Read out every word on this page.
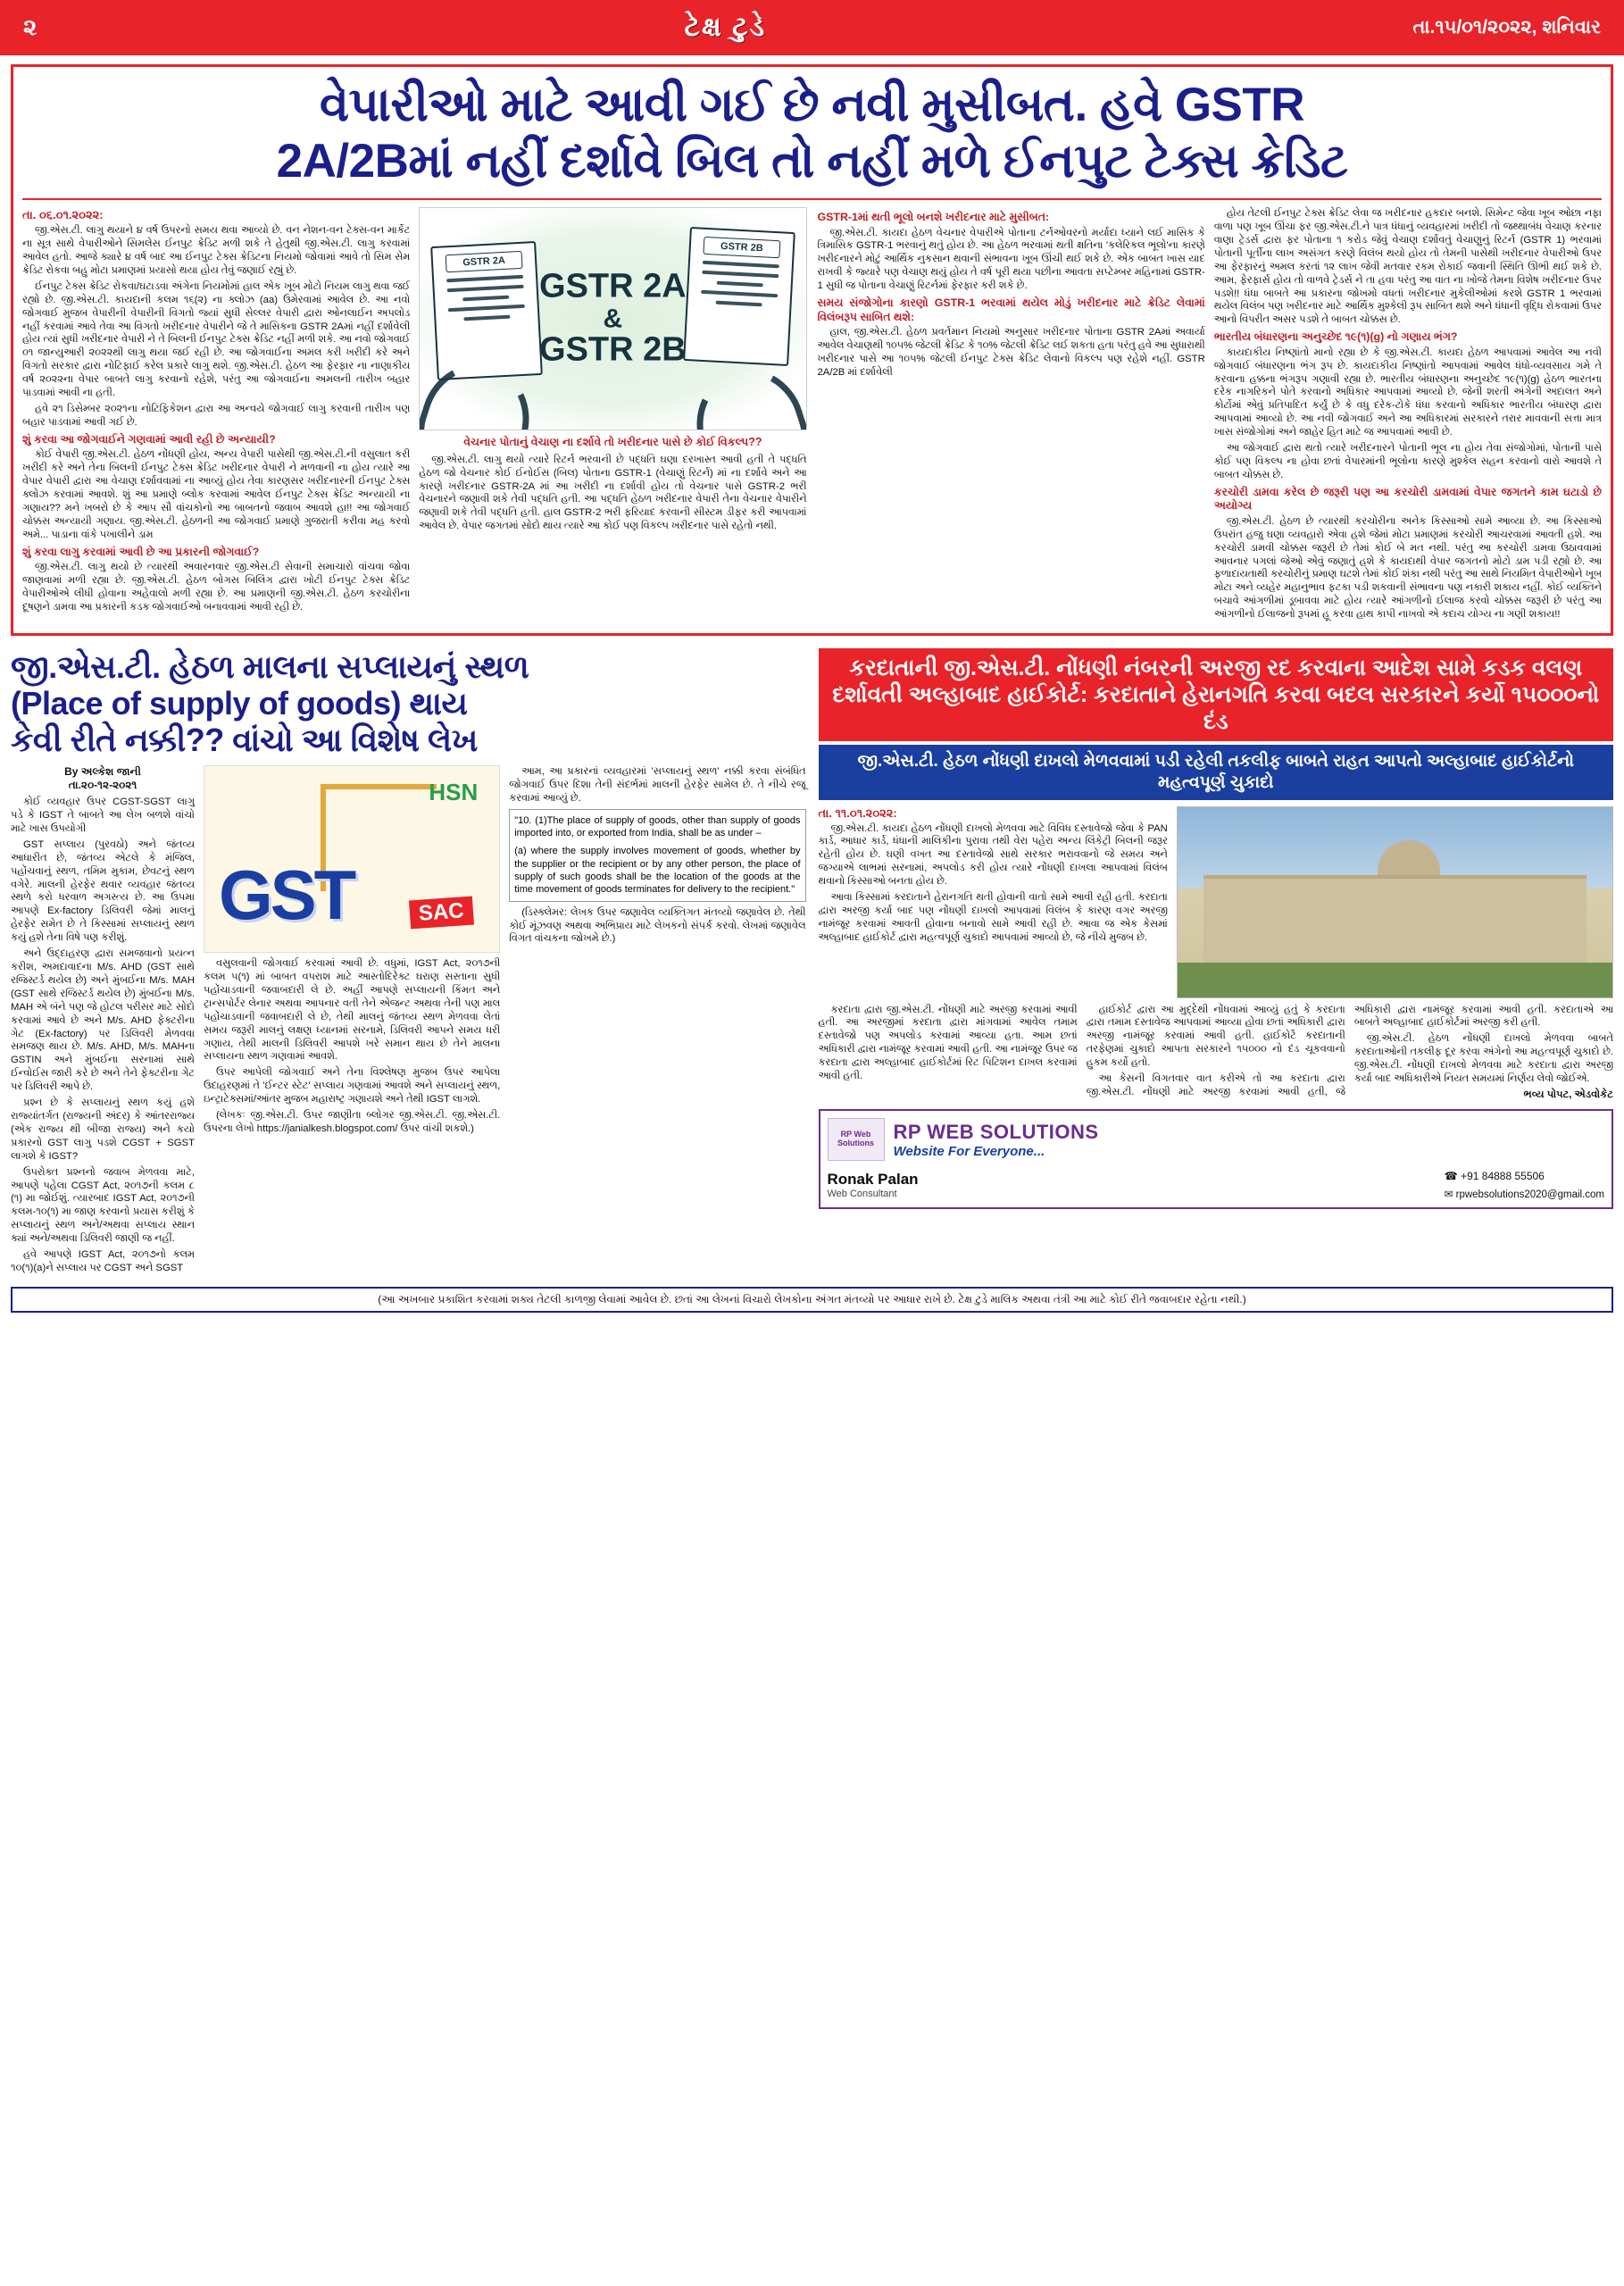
૨	ટેક્ષ ટુડે	તા.૧૫/૦૧/૨૦૨૨, શનિવાર
વેપારીઓ માટે આવી ગઈ છે નવી મુસીબત. હવે GSTR
2A/2Bમાં નહીં દર્શાવે બિલ તો નહીં મળે ઈનપુટ ટેક્સ ક્રેડિટ
તા. ૦૬.૦૧.૨૦૨૨:

જી.એસ.ટી. લાગુ થયાને ૪ વર્ષ ઉપરનો સમય થવા આવ્યો છે. વન નેશન-વન ટેક્સ-વન માર્કેટ ના સૂત્ર સાથે વેપારીઓને સિમલેસ ઈનપુટ ક્રેડિટ મળી શકે તે હેતુથી જી.એસ.ટી. લાગુ કરવામાં આવેલ હતો. આજે ક્યારે ૪ વર્ષ બાદ આ ઈનપુટ ટેક્સ ક્રેડિટના નિયમો જોવામાં આવે તો સિમ સેમ ક્રેડિટ રોકવા બહુ મોટા પ્રમાણમાં પ્રયાસો થયા હોય તેવું જણાઈ રહ્યું છે.

ઈનપુટ ટેક્સ ક્રેડિટ રોકવા/ઘટાડવા અંગેના નિયમોમાં હાલ એક ખૂબ મોટો નિયમ લાગુ થવા જઈ રહ્યો છે. જી.એસ.ટી. કાયદાની કલમ ૧૬(૨) ના ક્લોઝ (aa) ઉમેરવામાં આવેલ છે. આ નવો જોગવાઈ મુજબ વેપારીની વેપારીની વિગતો જ્યાં સુધી સેલ્લર વેપારી દ્વારા ઓનલાઈન અપલોડ નહીં કરવામાં આવે તેવા આ વિગતો ખરીદનાર વેપારીને જે તે માસિકના GSTR 2Aમાં નહીં દર્શાવેલી હોય ત્યાં સુધી ખરીદનાર વેપારી ને તે બિલની ઈનપુટ ટેક્સ ક્રેડિટ નહીં મળી શકે. આ નવો જોગવાઈ ૦૧ જાન્યુઆરી ૨૦૨૨થી લાગુ થયા જઈ રહી છે. આ જોગવાઈના અમલ કરી ખરીદી કરે અને વિગતો સરકાર દ્વારા નોટિફાઈ કરેલ પ્રકારે લાગુ થશે. જી.એસ.ટી. હેઠળ આ ફેરફાર ના નાણાકીય વર્ષ ૨૦૨૨ના વેપાર બાબતે લાગુ કરવાનો રહેશે, પરંતુ આ જોગવાઈના અમલની તારીખ બહાર પાડવામાં આવી ના હતી.

હવે ૨૧ ડિસેમ્બર ૨૦૨૧ના નોટિફિકેશન દ્વારા આ અન્વયે જોગવાઈ લાગુ કરવાની તારીખ પણ બહાર પાડવામાં આવી ગઈ છે.

શું કરવા આ જોગવાઈને ગણવામાં આવી રહી છે અન્યાયી?

કોઈ વેપારી જી.એસ.ટી. હેઠળ નોંધણી હોય, અન્ય વેપારી પાસેથી જી.એસ.ટી.ની વસુલાત કરી ખરીદી કરે અને તેના બિલની ઈનપુટ ટેક્સ ક્રેડિટ ખરીદનાર વેપારી ને મળવાની ના હોય ત્યારે આ વેપાર વેપારી દ્વારા આ વેચાણ દર્શાવવામાં ના આવ્યું હોય તેવા કારણસર ખરીદનારની ઈનપુટ ટેક્સ ક્લોઝ કરવામાં આવશે. શું આ પ્રમાણે બ્લોક કરવામાં આવેલ ઈનપુટ ટેક્સ ક્રેડિટ અન્યાયી ના ગણાય?? મને ખબરો છે કે આપ સૌ વાંચકોનો આ બાબતનો જવાબ આવશે હા!! આ જોગવાઈ ચોક્કસ અન્યાયી ગણાય. જી.એસ.ટી. હેઠળની આ જોગવાઈ પ્રમાણે ગુજરાતી કરીવા મહ કરવો અમે... પાડાના વાંકે પખાલીને ડામ

શું કરવા લાગુ કરવામાં આવી છે આ પ્રકારની જોગવાઈ?

જી.એસ.ટી. લાગુ થયો છે ત્યારથી અવારનવાર જી.એસ.ટી સેવાની સમાચારો વાંચવા જોવા જાણવામાં મળી રહ્યા છે. જી.એસ.ટી. હેઠળ બોગસ બિલિંગ દ્વારા ખોટી ઈનપુટ ટેક્સ ક્રેડિટ વેપારીઓએ લીધી હોવાના અહેવાલો મળી રહ્યા છે. આ પ્રમાણની જી.એસ.ટી. હેઠળ કરચોરીના દૂષણને ડામવા આ પ્રકારની કડક જોગવાઈઓ બનાવવામાં આવી રહી છે.

GSTR 2A
GSTR 2B
GSTR 2A
&
GSTR 2B
વેચનાર પોતાનું વેચાણ ના દર્શાવે તો ખરીદનાર પાસે છે કોઈ વિકલ્પ??

જી.એસ.ટી. લાગુ થયો ત્યારે રિટર્ન ભરવાની છે પદ્ધતિ ઘણા દરખાસ્ત આવી હતી તે પદ્ધતિ હેઠળ જો વેચનાર કોઈ ઈનોઈસ (બિલ) પોતાના GSTR-1 (વેચાણું રિટર્ન) માં ના દર્શાવે અને આ કારણે ખરીદનાર GSTR-2A માં આ ખરીદી ના દર્શાવી હોય તો વેચનાર પાસે GSTR-2 ભરી વેચનારને જણાવી શકે તેવી પદ્ધતિ હતી. આ પદ્ધતિ હેઠળ ખરીદનાર વેપારી તેના વેચનાર વેપારીને જણાવી શકે તેવી પદ્ધતિ હતી. હાલ GSTR-2 ભરી ફરિયાદ કરવાની સીસ્ટમ ડીફર કરી આપવામાં આવેલ છે. વેપાર જગતમાં સોદો થાય ત્યારે આ કોઈ પણ વિકલ્પ ખરીદનાર પાસે રહેતો નથી.

GSTR-1માં થતી ભૂલો બનશે ખરીદનાર માટે મુસીબત:

જી.એસ.ટી. કાયદા હેઠળ વેચનાર વેપારીએ પોતાના ટર્નઓવરનો મર્યાદા ધ્યાને લઈ માસિક કે ત્રિમાસિક GSTR-1 ભરવાનું થતું હોય છે. આ હેઠળ ભરવામાં થતી ક્ષતિના 'કલેરિકલ ભૂલો'ના કારણે ખરીદનારને મોટું આર્થિક નુકસાન થવાની સંભાવના ખૂબ ઊંચી થઈ શકે છે. એક બાબત ખાસ યાદ રાખવી કે જ્યારે પણ વેચાણ થયું હોય તે વર્ષ પૂરી થયા પછીના આવતા સપ્ટેમ્બર મહિનામાં GSTR-1 સુધી જ પોતાના વેચાણું રિટર્નમાં ફેરફાર કરી શકે છે.

સમય સંજોગોના કારણો GSTR-1 ભરવામાં થયેલ મોડું ખરીદનાર માટે ક્રેડિટ લેવામાં વિલંબરૂપ સાબિત થશે:

હાલ, જી.એસ.ટી. હેઠળ પ્રવર્તમાન નિયમો અનુસાર ખરીદનાર પોતાના GSTR 2Aમાં અવાર્યા આવેલ વેચાણથી ૧૦૫% જેટલી ક્રેડિટ કે ૧૦% જેટલી ક્રેડિટ લઈ શકતા હતા પરંતુ હવે આ સુધારાથી ખરીદનાર પાસે આ ૧૦૫% જેટલી ઈનપુટ ટેક્સ ક્રેડિટ લેવાનો વિકલ્પ પણ રહેશે નહીં. GSTR 2A/2B માં દર્શાવેલી

હોય તેટલી ઈનપુટ ટેક્સ ક્રેડિટ લેવા જ ખરીદનાર હકદાર બનશે. સિમેન્ટ જેવા ખૂબ ઓછા નફા વાળા પણ ખૂબ ઊંચા ફર જી.એસ.ટી.ને પાત્ર ધંધાનું વ્યવહારમાં ખરીદી તો જથ્થાબંધ વેચાણ કરનાર વાણા ટ્રેડર્સ દ્વારા ફર પોતાના ૧ કરોડ જેવું વેચાણ દર્શાવતું વેચાણુનું રિટર્ન (GSTR 1) ભરવામાં પોતાની પૂર્તીના લાખ અસંગત કરણે વિલંબ થયો હોય તો તેમની પાસેથી ખરીદનાર વેપારીઓ ઉપર આ ફેરફારનું અમલ કરતાં ૧૨ લાખ જેવી મતવાર રકમ રોકાઈ જવાની સ્થિતિ ઊભી થઈ શકે છે. આમ, ફેરફાર્સ હોય તો વાળવે ટ્રેડર્સ ને તા હવા પરંતુ આ વાત ના ખોજે તેમના વિશેષ ખરીદનાર ઉપર પડશે!! ધંધા બાબતે આ પ્રકારના જોખમો વધતાં ખરીદનાર મુકેલીઓમાં કરશે GSTR 1 ભરવામાં થયેલ વિલંબ પણ ખરીદનાર માટે આર્થિક મુશ્કેલી રૂપ સાબિત થશે અને ધંધાની વૃદ્ધિ રોકવામાં ઉપર આનો વિપરીત અસર પડશે તે બાબત ચોક્કસ છે.

ભારતીય બંધારણના અનુચ્છેદ ૧૯(૧)(g) નો ગણાય ભંગ?

કાયદાકીય નિષ્ણાંતો માનો રહ્યા છે કે જી.એસ.ટી. કાયદા હેઠળ આપવામાં આવેલ આ નવી જોગવાઈ બંધારણના ભંગ રૂપ છે. કાયદાકીય નિષ્ણાંતો આપવામાં આવેલ ધંધો-વ્યવસાય ગમે તે કરવાના હક્કના ભંગરૂપ ગણાવી રહ્યા છે. ભારતીય બંધારણના અનુચ્છેદ ૧૯(૧)(g) હેઠળ ભારતના દરેક નાગરિકને પોતે કરવાનો અધિકાર આપવામાં આવ્યો છે. જેની શરતી અંગેની અદાલત અને કોર્ટોમાં એવું પ્રતિપાદિત કર્યું છે કે વધુ દરેક-ટોકે ધંધા કરવાનો અધિકાર ભારતીય બંધારણ દ્વારા આપવામાં આવ્યો છે. આ નવી જોગવાઈ અને આ અધિકારમાં સરકારને તરાર માવવાની સત્તા માત્ર ખાસ સંજોગોમાં અને જાહેર હિત માટે જ આપવામાં આવી છે.

આ જોગવાઈ દ્વારા થતો ત્યારે ખરીદનારને પોતાની ભૂલ ના હોય તેવા સંજોગોમાં, પોતાની પાસે કોઈ પણ વિકલ્પ ના હોવા છતાં વેપારમાંની ભૂલોના કારણે મુશ્કેલ સહન કરવાનો વારો આવશે તે બાબત ચોક્કસ છે.

કરચોરી ડામવા કરેલ છે જરૂરી પણ આ કરચોરી ડામવામાં વેપાર જગતને કામ ઘટાડો છે અયોગ્ય

જી.એસ.ટી. હેઠળ છે ત્યારથી કરચોરીના અનેક કિસ્સાઓ સામે આવ્યા છે. આ કિસ્સાઓ ઉપરાંત હજુ ઘણા વ્યવહારો એવા હશે જેમાં મોટા પ્રમાણમાં કરચોરી આચરવામાં આવતી હશે. આ કરચોરી ડામવી ચોક્કસ જરૂરી છે તેમાં કોઈ બે મત નથી. પરંતુ આ કરચોરી ડામવા ઉઠાવવામાં આવનાર પગલાં જેઓ એવું જણાતું હશે કે કાયદાથી વેપાર જગતનો મોટો ડામ પડી રહ્યો છે. આ ફળાદાયતાથી કરચોરીનું પ્રમાણ ઘટશે તેમાં કોઈ શંકા નથી પરંતુ આ સાથે નિયમિત વેપારીઓને ખૂબ મોટા અને વ્યહેર મહાનુભાવ ફટકા પડી શકવાની સંભાવના પણ નકારી શકાય નહીં. કોઈ વ્યક્તિને બચાવે આંગળીમાં ડૂબાવવા માટે હોય ત્યારે આંગળીનો ઈલાજ કરવો ચોક્કસ જરૂરી છે પરંતુ આ આંગળીનો ઈલાજનો રૂપમાં હૂ કરવા હાથ કાપી નાખવો એ કદાચ યોગ્ય ના ગણી શકાય!!

જી.એસ.ટી. હેઠળ માલના સપ્લાયનું સ્થળ
(Place of supply of goods) થાય
કેવી રીતે નક્કી?? વાંચો આ વિશેષ લેખ
By અલ્કેશ જાની
તા.૨૦-૧૨-૨૦૨૧

કોઈ વ્યવહાર ઉપર CGST-SGST લાગુ પડે કે IGST તે બાબતે આ લેખ બળશે વાંચો માટે ખાસ ઉપયોગી

GST સપ્લાય (પુરવઠો) અને જંતવ્ય આધારીત છે, જંતવ્ય એટલે કે મંજિલ, પહોંચવાનું સ્થળ, તમિમ મુકામ, છેવટનું સ્થળ વગેરે. માલની હેરફેર થવાર વ્યવહાર જંતવ્ય સ્થળે કરો ધરવાળ અગસ્ત્ય છે. આ ઉપમા આપણે Ex-factory ડિલિવરી જેમાં માલનું હેરફેર સમેત છે તે કિસ્સામાં સપ્લાયનું સ્થળ કયું હશે તેના વિષે પણ કરીશું.

અને ઉદ્દાહરણ દ્વારા સમજવાનો પ્રયત્ન કરીશ, અમદાવાદના M/s. AHD (GST સાથે રજિસ્ટર્ડ થયેલ છે) અને મુંબઈના M/s. MAH (GST સાથે રજિસ્ટર્ડ થયેલ છે) મુંબઈના M/s. MAH એ બંને પણ જે હોટલ પરીસર માટે સોદો કરવામાં આવે છે અને M/s. AHD ફેક્ટરીના ગેટ (Ex-factory) પર ડિલિવરી મેળવવા સમજણ થાય છે. M/s. AHD, M/s. MAHના GSTIN અને મુંબઈના સરનામાં સાથે ઈન્વોઈસ જારી કરે છે અને તેને ફેક્ટરીના ગેટ પર ડિલિવરી આપે છે.

પ્રશ્ન છે કે સપ્લાયનું સ્થળ કયું હશે રાજ્યાંતર્ગત (રાજ્યની અંદર) કે આંતરરાજ્ય (એક રાજ્ય થી બીજા રાજ્ય) અને કયો પ્રકારનો GST લાગુ પડશે CGST + SGST લાગશે કે IGST?

ઉપરોક્ત પ્રશ્નનો જવાબ મેળવવા માટે, આપણે પહેલા CGST Act, ૨૦૧૭ની કલમ ૮ (૧) મા જોઈશું. ત્યારબાદ IGST Act, ૨૦૧૭ની કલમ-૧૦(૧) મા જાણ કરવાનો પ્રયાસ કરીશું કે સપ્લાયનું સ્થળ અને/અથવા સપ્લાય સ્થાન ક્યાં અને/અથવા ડિલિવરી જાણી જ નહીં.

હવે આપણે IGST Act, ૨૦૧૭નો કલમ ૧૦(૧)(a)ને સપ્લાય પર CGST અને SGST

HSN
GST	SAC

વસુલવાની જોગવાઈ કરવામાં આવી છે. વધુમાં, IGST Act, ૨૦૧૭ની કલમ ૫(૧) માં બાબત વપરાશ માટે આસ્તોદિરેક્ટ ઘરાણ સસ્તાના સુધી પહોંચાડવાની જવાબદારી લે છે. અહીં આપણે સપ્લાયની કિંમત અને ટ્રાન્સપોર્ટર લેનાર અથવા આપનાર વતી તેને એજન્ટ અથવા તેની પણ માલ પહોંચાડવાની જવાબદારી લે છે, તેથી માલનું જંતવ્ય સ્થળ મેળવવા લેતાં સમય જરૂરી માલનું લક્ષણ ધ્યાનમાં સરનામે, ડિલિવરી આપને સમય ધરી ગણાય, તેથી માલની ડિલિવરી આપશે ખરે સમાન થાય છે તેને માલના સપ્લાયના સ્થળ ગણવામાં આવશે.

ઉપર આપેલી જોગવાઈ અને તેના વિશ્લેષણ મુજબ ઉપર આપેલા ઉદાહરણમાં તે 'ઈન્ટર સ્ટેટ' સપ્લાય ગણવામાં આવશે અને સપ્લાયનું સ્થળ, ઇન્ટ્રાટેક્સમાં/આંતર મુજબ મહારાષ્ટ્ર ગણાયશે અને તેથી IGST લાગશે.

(લેખકઃ જી.એસ.ટી. ઉપર જાણીતા બ્લોગર જી.એસ.ટી. જી.એસ.ટી. ઉપરના લેખો https://janialkesh.blogspot.com/ ઉપર વાંચી શકશે.)

આમ, આ પ્રકારનાં વ્યવહારમાં 'સપ્લાયનું સ્થળ' નક્કી કરવા સંબંધિત જોગવાઈ ઉપર દિશા તેની સંદર્ભમાં માલની હેરફેર સામેલ છે. તે નીચે રજૂ કરવામાં આવ્યું છે.

"10. (1)The place of supply of goods, other than supply of goods imported into, or exported from India, shall be as under –
(a) where the supply involves movement of goods, whether by the supplier or the recipient or by any other person, the place of supply of such goods shall be the location of the goods at the time movement of goods terminates for delivery to the recipient."

(ડિસ્ક્લેમર: લેખક ઉપર જણાવેલ વ્યક્તિગત મંતવ્યો જણાવેલ છે. તેથી કોઈ મૂંઝવણ અથવા અભિપ્રાય માટે લેખકનો સંપર્ક કરવો. લેખમાં જણાવેલ વિગત વાંચકના જોખમે છે.)

કરદાતાની જી.એસ.ટી. નોંધણી નંબરની અરજી રદ કરવાના આદેશ સામે કડક વલણ દર્શાવતી અલ્હાબાદ હાઈકોર્ટ: કરદાતાને હેરાનગતિ કરવા બદલ સરકારને કર્યો ૧૫૦૦૦નો દંડ
જી.એસ.ટી. હેઠળ નોંધણી દાખલો મેળવવામાં પડી રહેલી તકલીફ બાબતે રાહત આપતો અલ્હાબાદ હાઈકોર્ટનો મહત્વપૂર્ણ ચુકાદો
તા. ૧૧.૦૧.૨૦૨૨:

જી.એસ.ટી. કાયદા હેઠળ નોંધણી દાખલો મેળવવા માટે વિવિધ દસ્તાવેજો જેવા કે PAN કાર્ડ, આધાર કાર્ડ, ધંધાની માલિકીના પુરાવા તથી વેરા પહેરા અન્ય લિંકેટ્રી બિલની જરૂર રહેતી હોય છે. ઘણી વખત આ દસ્તાવેજો સાથે સરકાર ભરાવવાનો જે સમય અને જગ્યાએ લાભમાં સરનામાં, અપલોડ કરી હોય ત્યારે નોંધણી દાખલા આપવામાં વિલંબ થવાનો કિસ્સાઓ બનતા હોય છે.

આવા કિસ્સામાં કરદાતાને હેરાનગતિ થતી હોવાની વાતો સામે આવી રહી હતી. કરદાતા દ્વારા અરજી કર્યા બાદ પણ નોંધણી દાખલો આપવામાં વિલંબ કે કારણ વગર અરજી નામંજૂર કરવામાં આવતી હોવાના બનાવો સામે આવી રહી છે. આવા જ એક કેસમાં અલ્હાબાદ હાઈકોર્ટ દ્વારા મહત્વપૂર્ણ ચુકાદો આપવામાં આવ્યો છે, જે નીચે મુજબ છે.

કરદાતા દ્વારા જી.એસ.ટી. નોંધણી માટે અરજી કરવામાં આવી હતી. આ અરજીમાં કરદાતા દ્વારા માંગવામાં આવેલ તમામ દસ્તાવેજો પણ અપલોડ કરવામાં આવ્યા હતા. આમ છતાં અધિકારી દ્વારા નામંજૂર કરવામાં આવી હતી. આ નામંજૂર ઉપર જ કરદાતા દ્વારા અલ્હાબાદ હાઈકોર્ટમાં રિટ પિટિશન દાખલ કરવામાં આવી હતી.

હાઈકોર્ટ દ્વારા આ મુદ્દેથી નોંધવામાં આવ્યું હતું કે કરદાતા દ્વારા તમામ દસ્તાવેજ આપવામાં આવ્યા હોવા છતાં અધિકારી દ્વારા અરજી નામંજૂર કરવામાં આવી હતી. હાઈકોર્ટે કરદાતાની તરફેણમાં ચુકાદો આપતા સરકારને ૧૫૦૦૦ નો દંડ ચૂકવવાનો હુકમ કર્યો હતો.

આ કેસની વિગતવાર વાત કરીએ તો આ કરદાતા દ્વારા જી.એસ.ટી. નોંધણી માટે અરજી કરવામાં આવી હતી, જે અધિકારી દ્વારા નામંજૂર કરવામાં આવી હતી. કરદાતાએ આ બાબતે અલ્હાબાદ હાઈકોર્ટમાં અરજી કરી હતી.

જી.એસ.ટી. હેઠળ નોંધણી દાખલો મેળવવા બાબતે કરદાતાઓની તકલીફ દૂર કરવા અંગેનો આ મહત્વપૂર્ણ ચુકાદો છે. જી.એસ.ટી. નોંધણી દાખલો મેળવવા માટે કરદાતા દ્વારા અરજી કર્યા બાદ અધિકારીએ નિયત સમયમાં નિર્ણય લેવો જોઈએ.

ભવ્ય પોપટ, એડવોકેટ
RP Web Solutions
RP WEB SOLUTIONS
Website For Everyone...
Ronak Palan
Web Consultant
☎ +91 84888 55506
✉ rpwebsolutions2020@gmail.com
(આ અખબાર પ્રકાશિત કરવામાં શક્ય તેટલી કાળજી લેવામાં આવેલ છે. છતાં આ લેખનાં વિચારો લેખકોના અંગત મંતવ્યો પર આધાર રાખે છે. ટેક્ષ ટુડે માલિક અથવા તંત્રી આ માટે કોઈ રીતે જવાબદાર રહેતા નથી.)
